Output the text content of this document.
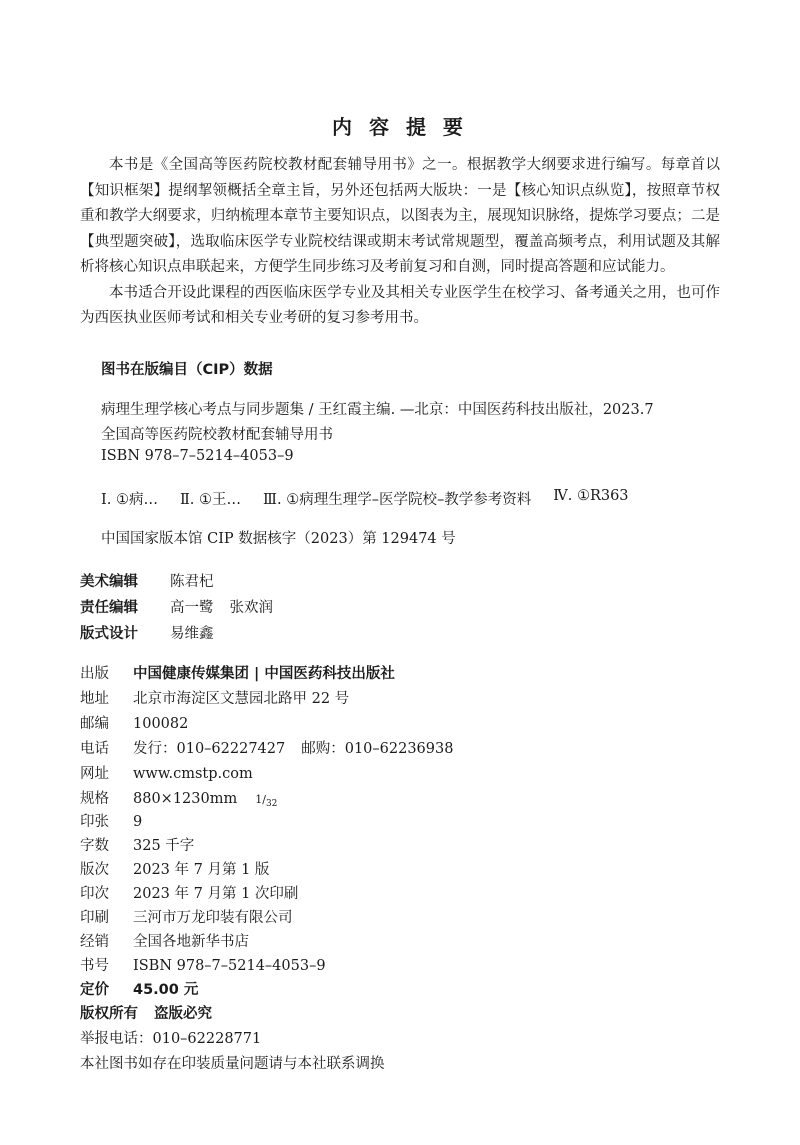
内 容 提 要

本书是《全国高等医药院校教材配套辅导用书》之一。根据教学大纲要求进行编写。每章首以【知识框架】提纲挈领概括全章主旨，另外还包括两大版块：一是【核心知识点纵览】，按照章节权重和教学大纲要求，归纳梳理本章节主要知识点，以图表为主，展现知识脉络，提炼学习要点；二是【典型题突破】，选取临床医学专业院校结课或期末考试常规题型，覆盖高频考点，利用试题及其解析将核心知识点串联起来，方便学生同步练习及考前复习和自测，同时提高答题和应试能力。

本书适合开设此课程的西医临床医学专业及其相关专业医学生在校学习、备考通关之用，也可作为西医执业医师考试和相关专业考研的复习参考用书。

图书在版编目（CIP）数据
病理生理学核心考点与同步题集 / 王红霞主编. —北京：中国医药科技出版社，2023.7
全国高等医药院校教材配套辅导用书
ISBN 978–7–5214–4053–9
Ⅰ. ①病… Ⅱ. ①王… Ⅲ. ①病理生理学–医学院校–教学参考资料 Ⅳ. ①R363
中国国家版本馆 CIP 数据核字（2023）第 129474 号
美术编辑 陈君杞
责任编辑 高一鹭 张欢润
版式设计 易维鑫
出版 中国健康传媒集团 | 中国医药科技出版社
地址 北京市海淀区文慧园北路甲 22 号
邮编 100082
电话 发行：010–62227427 邮购：010–62236938
网址 www.cmstp.com
规格 880×1230mm $1/_{32}$
印张 9
字数 325 千字
版次 2023 年 7 月第 1 版
印次 2023 年 7 月第 1 次印刷
印刷 三河市万龙印装有限公司
经销 全国各地新华书店
书号 ISBN 978–7–5214–4053–9
定价 45.00 元
版权所有 盗版必究
举报电话：010–62228771
本社图书如存在印装质量问题请与本社联系调换
